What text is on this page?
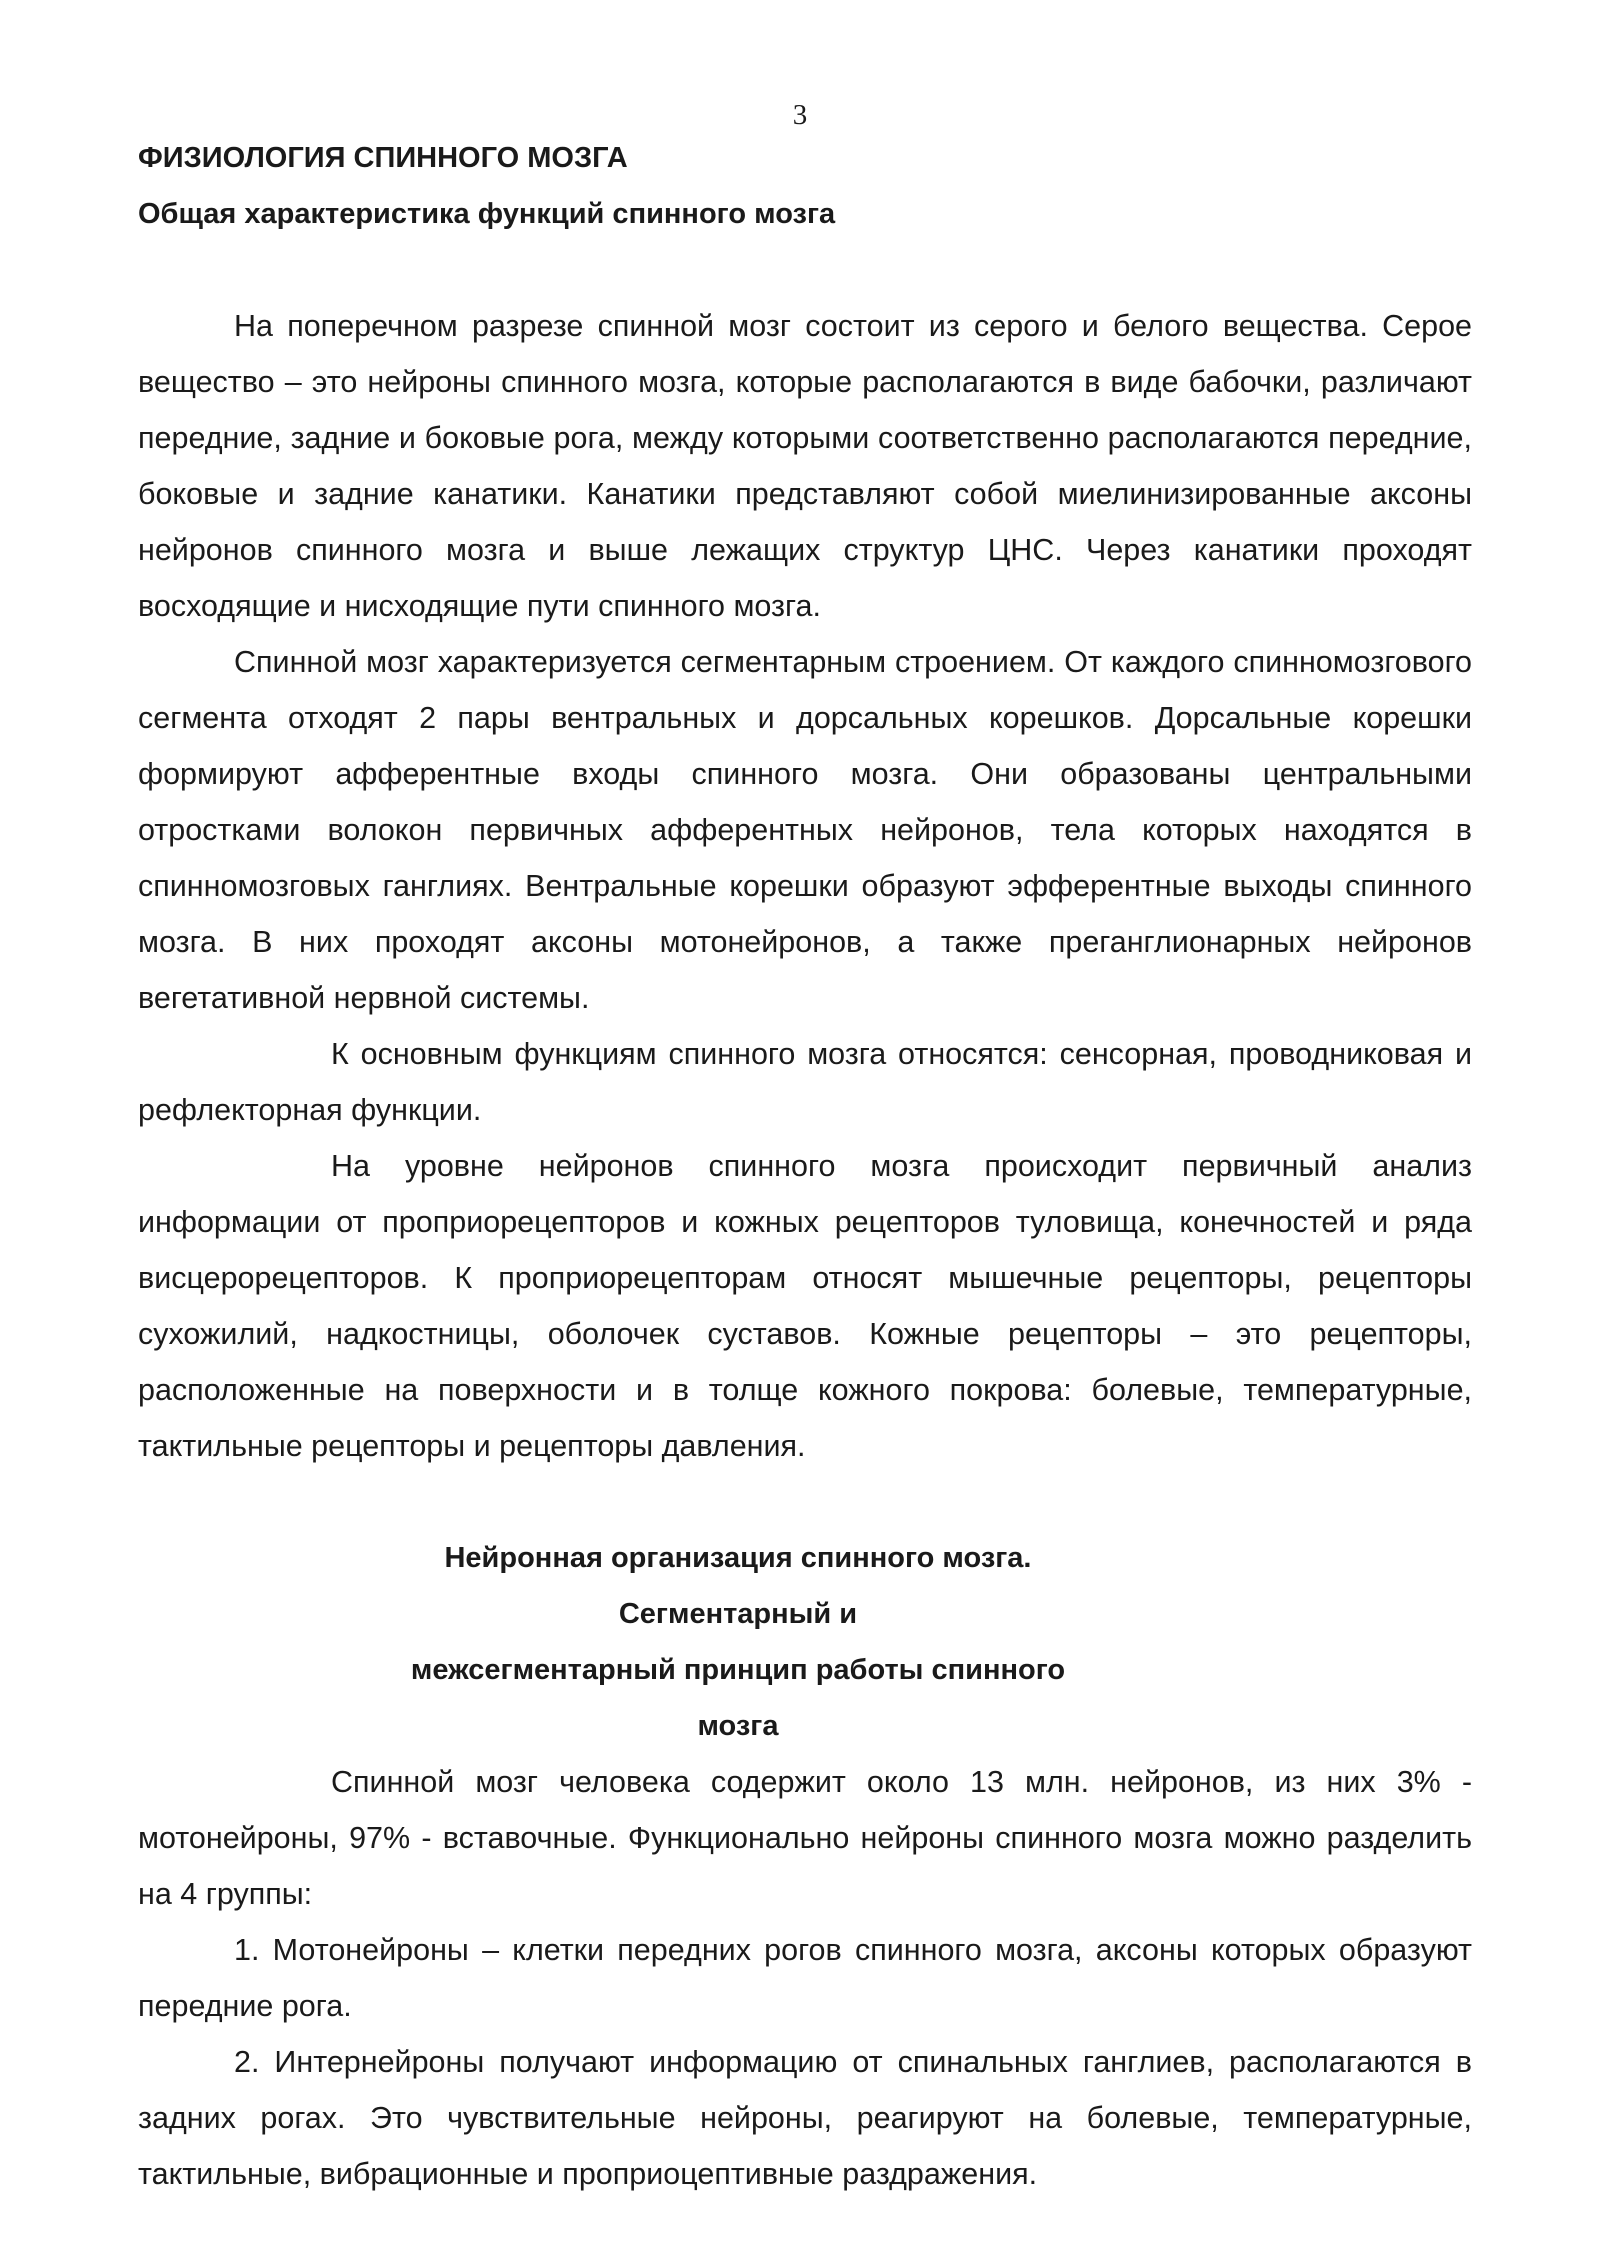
3
ФИЗИОЛОГИЯ СПИННОГО МОЗГА
Общая характеристика функций спинного мозга

На поперечном разрезе спинной мозг состоит из серого и белого вещества. Серое вещество – это нейроны спинного мозга, которые располагаются в виде бабочки, различают передние, задние и боковые рога, между которыми соответственно располагаются передние, боковые и задние канатики. Канатики представляют собой миелинизированные аксоны нейронов спинного мозга и выше лежащих структур ЦНС. Через канатики проходят восходящие и нисходящие пути спинного мозга.

Спинной мозг характеризуется сегментарным строением. От каждого спинномозгового сегмента отходят 2 пары вентральных и дорсальных корешков. Дорсальные корешки формируют афферентные входы спинного мозга. Они образованы центральными отростками волокон первичных афферентных нейронов, тела которых находятся в спинномозговых ганглиях. Вентральные корешки образуют эфферентные выходы спинного мозга. В них проходят аксоны мотонейронов, а также преганглионарных нейронов вегетативной нервной системы.

К основным функциям спинного мозга относятся: сенсорная, проводниковая и рефлекторная функции.

На уровне нейронов спинного мозга происходит первичный анализ информации от проприорецепторов и кожных рецепторов туловища, конечностей и ряда висцерорецепторов. К проприорецепторам относят мышечные рецепторы, рецепторы сухожилий, надкостницы, оболочек суставов. Кожные рецепторы – это рецепторы, расположенные на поверхности и в толще кожного покрова: болевые, температурные, тактильные рецепторы и рецепторы давления.

Нейронная организация спинного мозга. Сегментарный и
межсегментарный принцип работы спинного мозга

Спинной мозг человека содержит около 13 млн. нейронов, из них 3% - мотонейроны, 97% - вставочные. Функционально нейроны спинного мозга можно разделить на 4 группы:

1. Мотонейроны – клетки передних рогов спинного мозга, аксоны которых образуют передние рога.

2. Интернейроны получают информацию от спинальных ганглиев, располагаются в задних рогах. Это чувствительные нейроны, реагируют на болевые, температурные, тактильные, вибрационные и проприоцептивные раздражения.
